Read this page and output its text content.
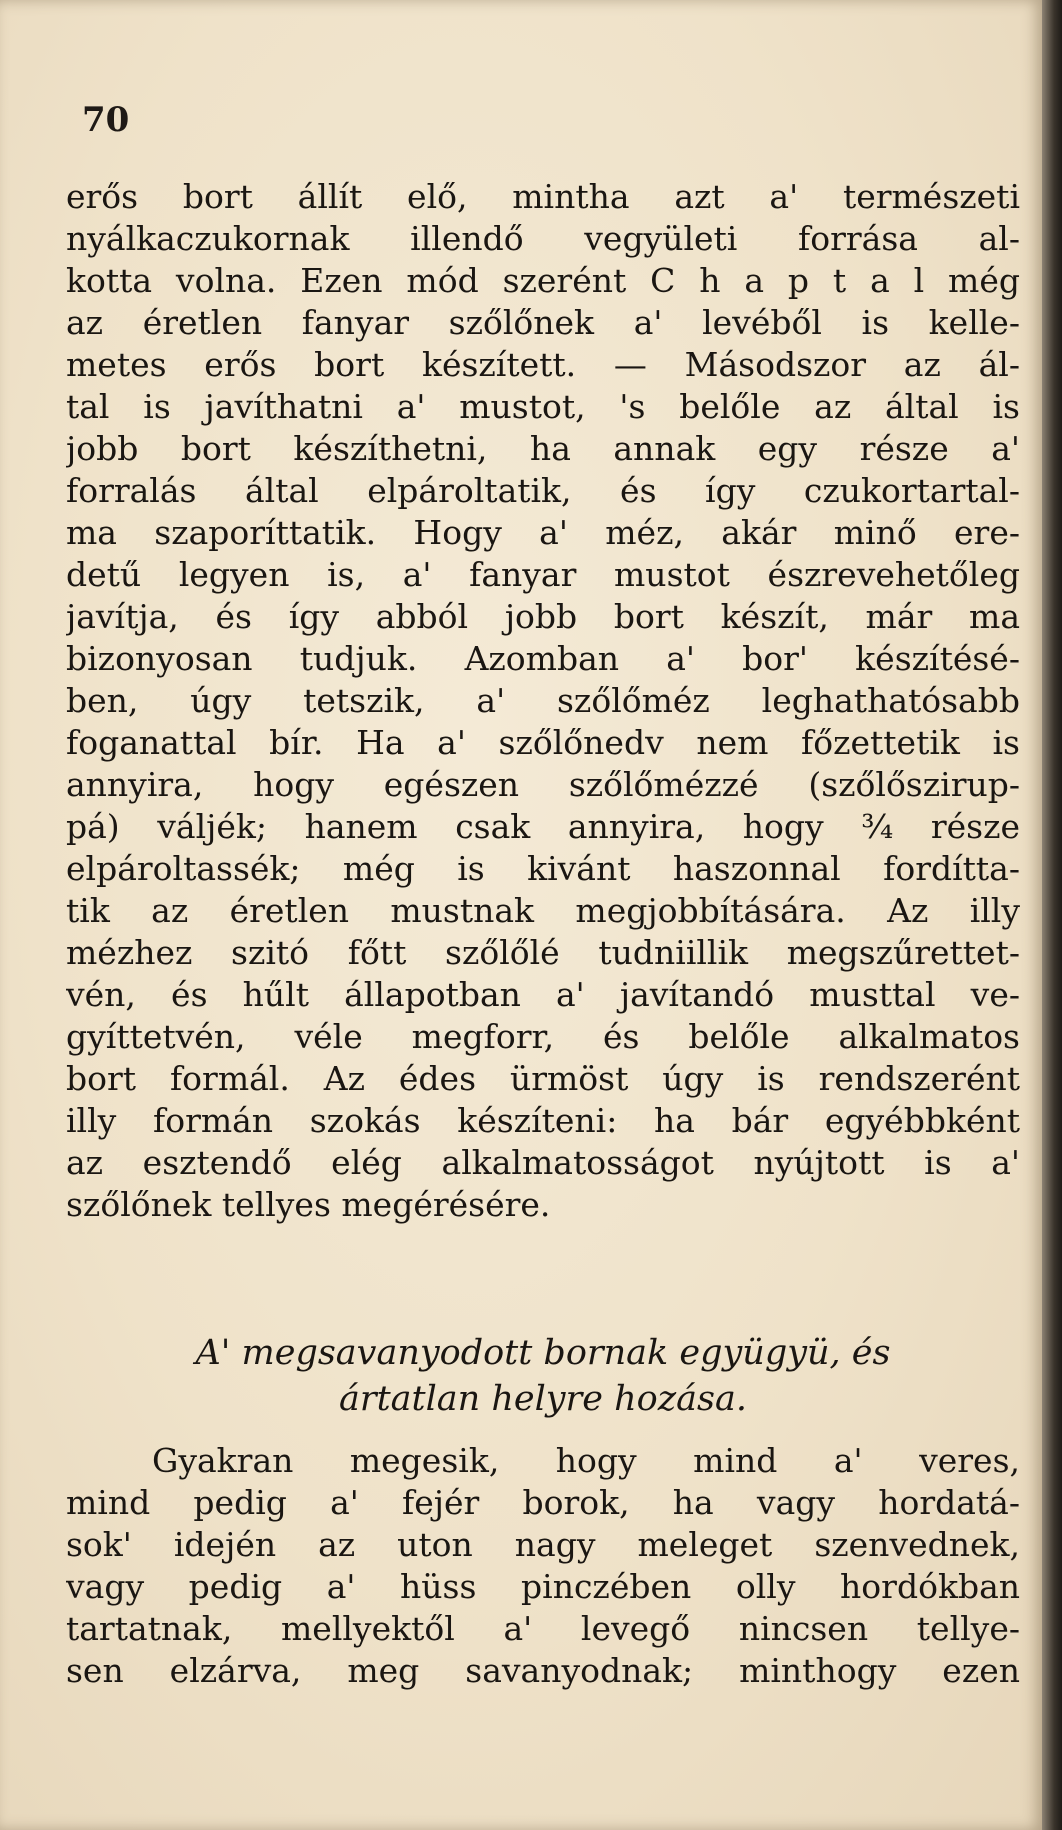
70
erős bort állít elő, mintha azt a' természeti
nyálkaczukornak illendő vegyületi forrása al-
kotta volna. Ezen mód szerént C h a p t a l még
az éretlen fanyar szőlőnek a' levéből is kelle-
metes erős bort készített. — Másodszor az ál-
tal is javíthatni a' mustot, 's belőle az által is
jobb bort készíthetni, ha annak egy része a'
forralás által elpároltatik, és így czukortartal-
ma szaporíttatik. Hogy a' méz, akár minő ere-
detű legyen is, a' fanyar mustot észrevehetőleg
javítja, és így abból jobb bort készít, már ma
bizonyosan tudjuk. Azomban a' bor' készítésé-
ben, úgy tetszik, a' szőlőméz leghathatósabb
foganattal bír. Ha a' szőlőnedv nem főzettetik is
annyira, hogy egészen szőlőmézzé (szőlőszirup-
pá) váljék; hanem csak annyira, hogy ¾ része
elpároltassék; még is kivánt haszonnal fordítta-
tik az éretlen mustnak megjobbítására. Az illy
mézhez szitó főtt szőlőlé tudniillik megszűrettet-
vén, és hűlt állapotban a' javítandó musttal ve-
gyíttetvén, véle megforr, és belőle alkalmatos
bort formál. Az édes ürmöst úgy is rendszerént
illy formán szokás készíteni: ha bár egyébbként
az esztendő elég alkalmatosságot nyújtott is a'
szőlőnek tellyes megérésére.
A' megsavanyodott bornak együgyü, és
ártatlan helyre hozása.
Gyakran megesik, hogy mind a' veres,
mind pedig a' fejér borok, ha vagy hordatá-
sok' idején az uton nagy meleget szenvednek,
vagy pedig a' hüss pinczében olly hordókban
tartatnak, mellyektől a' levegő nincsen tellye-
sen elzárva, meg savanyodnak; minthogy ezen
